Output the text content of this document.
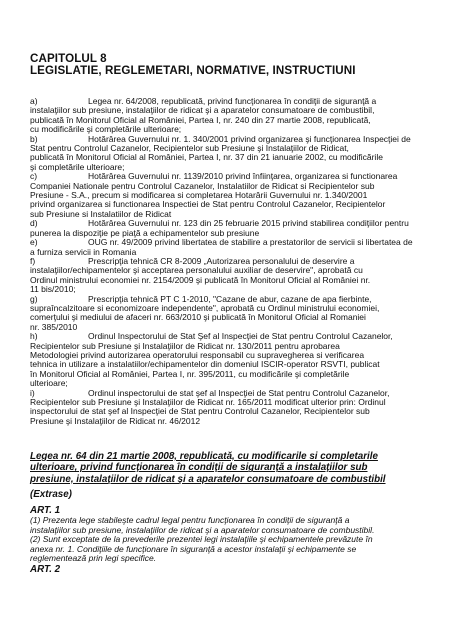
CAPITOLUL 8
LEGISLATIE, REGLEMETARI, NORMATIVE, INSTRUCTIUNI
a)	Legea nr. 64/2008, republicată, privind funcţionarea în condiţii de siguranţă a
instalaţiilor sub presiune, instalaţiilor de ridicat şi a aparatelor consumatoare de combustibil,
publicată în Monitorul Oficial al României, Partea I, nr. 240 din 27 martie 2008, republicată,
cu modificările şi completările ulterioare;
b)	Hotărârea Guvernului nr. 1. 340/2001 privind organizarea şi funcţionarea Inspecţiei de
Stat pentru Controlul Cazanelor, Recipientelor sub Presiune şi Instalaţiilor de Ridicat,
publicată în Monitorul Oficial al României, Partea I, nr. 37 din 21 ianuarie 2002, cu modificările
şi completările ulterioare;
c)	Hotărârea Guvernului nr. 1139/2010 privind înfiinţarea, organizarea si functionarea
Companiei Nationale pentru Controlul Cazanelor, Instalatiilor de Ridicat si Recipientelor sub
Presiune - S.A., precum si modificarea si completarea Hotarârii Guvernului nr. 1.340/2001
privind organizarea si functionarea Inspectiei de Stat pentru Controlul Cazanelor, Recipientelor
sub Presiune si Instalatiilor de Ridicat
d)	Hotărârea Guvernului nr. 123 din 25 februarie 2015 privind stabilirea condiţiilor pentru
punerea la dispoziţie pe piaţă a echipamentelor sub presiune
e)	OUG nr. 49/2009 privind libertatea de stabilire a prestatorilor de servicii si libertatea de
a furniza servicii in Romania
f)	Prescripţia tehnică CR 8-2009 „Autorizarea personalului de deservire a
instalaţiilor/echipamentelor şi acceptarea personalului auxiliar de deservire", aprobată cu
Ordinul ministrului economiei nr. 2154/2009 şi publicată în Monitorul Oficial al României nr.
11 bis/2010;
g)	Prescripţia tehnică PT C 1-2010, "Cazane de abur, cazane de apa fierbinte,
supraîncalzitoare si economizoare independente", aprobată cu Ordinul ministrului economiei,
comerţului şi mediului de afaceri nr. 663/2010 şi publicată în Monitorul Oficial al Romaniei
nr. 385/2010
h)	Ordinul Inspectorului de Stat Şef al Inspecţiei de Stat pentru Controlul Cazanelor,
Recipientelor sub Presiune şi Instalaţiilor de Ridicat nr. 130/2011 pentru aprobarea
Metodologiei privind autorizarea operatorului responsabil cu supravegherea si verificarea
tehnica in utilizare a instalatiilor/echipamentelor din domeniul ISCIR-operator RSVTI, publicat
în Monitorul Oficial al României, Partea I, nr. 395/2011, cu modificările şi completările
ulterioare;
i)	Ordinul inspectorului de stat şef al Inspecţiei de Stat pentru Controlul Cazanelor,
Recipientelor sub Presiune şi Instalaţiilor de Ridicat nr. 165/2011 modificat ulterior prin: Ordinul
inspectorului de stat şef al Inspecţiei de Stat pentru Controlul Cazanelor, Recipientelor sub
Presiune şi Instalaţiilor de Ridicat nr. 46/2012
Legea nr. 64 din 21 martie 2008, republicată, cu modificarile si completarile
ulterioare, privind funcţionarea în condiţii de siguranţă a instalaţiilor sub
presiune, instalaţiilor de ridicat şi a aparatelor consumatoare de combustibil
(Extrase)
ART. 1
(1) Prezenta lege stabileşte cadrul legal pentru funcţionarea în condiţii de siguranţă a
instalaţiilor sub presiune, instalaţiilor de ridicat şi a aparatelor consumatoare de combustibil.
(2) Sunt exceptate de la prevederile prezentei legi instalaţiile şi echipamentele prevăzute în
anexa nr. 1. Condiţiile de funcţionare în siguranţă a acestor instalaţii şi echipamente se
reglementează prin legi specifice.
ART. 2
